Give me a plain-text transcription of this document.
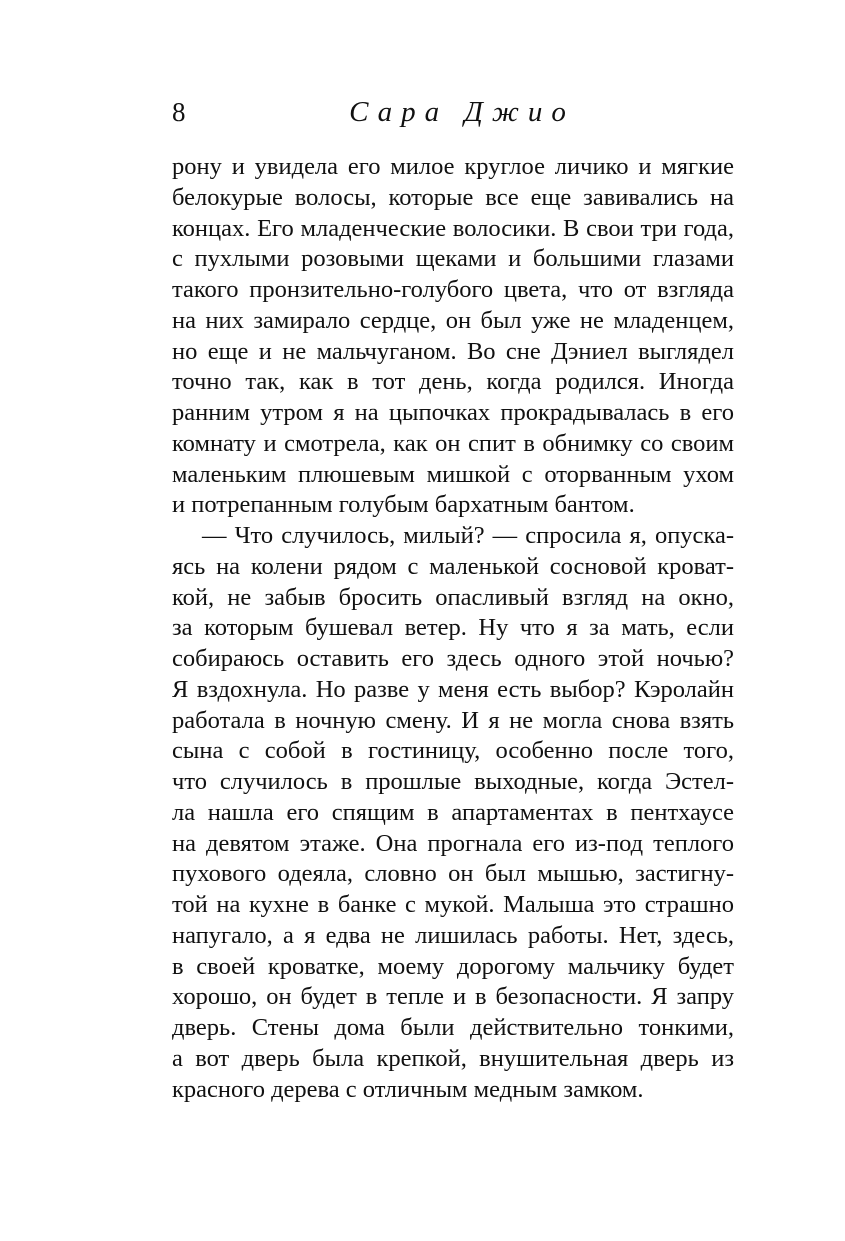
8	Сара Джио
рону и увидела его милое круглое личико и мягкие
белокурые волосы, которые все еще завивались на
концах. Его младенческие волосики. В свои три года,
с пухлыми розовыми щеками и большими глазами
такого пронзительно-голубого цвета, что от взгляда
на них замирало сердце, он был уже не младенцем,
но еще и не мальчуганом. Во сне Дэниел выглядел
точно так, как в тот день, когда родился. Иногда
ранним утром я на цыпочках прокрадывалась в его
комнату и смотрела, как он спит в обнимку со своим
маленьким плюшевым мишкой с оторванным ухом
и потрепанным голубым бархатным бантом.
— Что случилось, милый? — спросила я, опуска-
ясь на колени рядом с маленькой сосновой кроват-
кой, не забыв бросить опасливый взгляд на окно,
за которым бушевал ветер. Ну что я за мать, если
собираюсь оставить его здесь одного этой ночью?
Я вздохнула. Но разве у меня есть выбор? Кэролайн
работала в ночную смену. И я не могла снова взять
сына с собой в гостиницу, особенно после того,
что случилось в прошлые выходные, когда Эстел-
ла нашла его спящим в апартаментах в пентхаусе
на девятом этаже. Она прогнала его из-под теплого
пухового одеяла, словно он был мышью, застигну-
той на кухне в банке с мукой. Малыша это страшно
напугало, а я едва не лишилась работы. Нет, здесь,
в своей кроватке, моему дорогому мальчику будет
хорошо, он будет в тепле и в безопасности. Я запру
дверь. Стены дома были действительно тонкими,
а вот дверь была крепкой, внушительная дверь из
красного дерева с отличным медным замком.
